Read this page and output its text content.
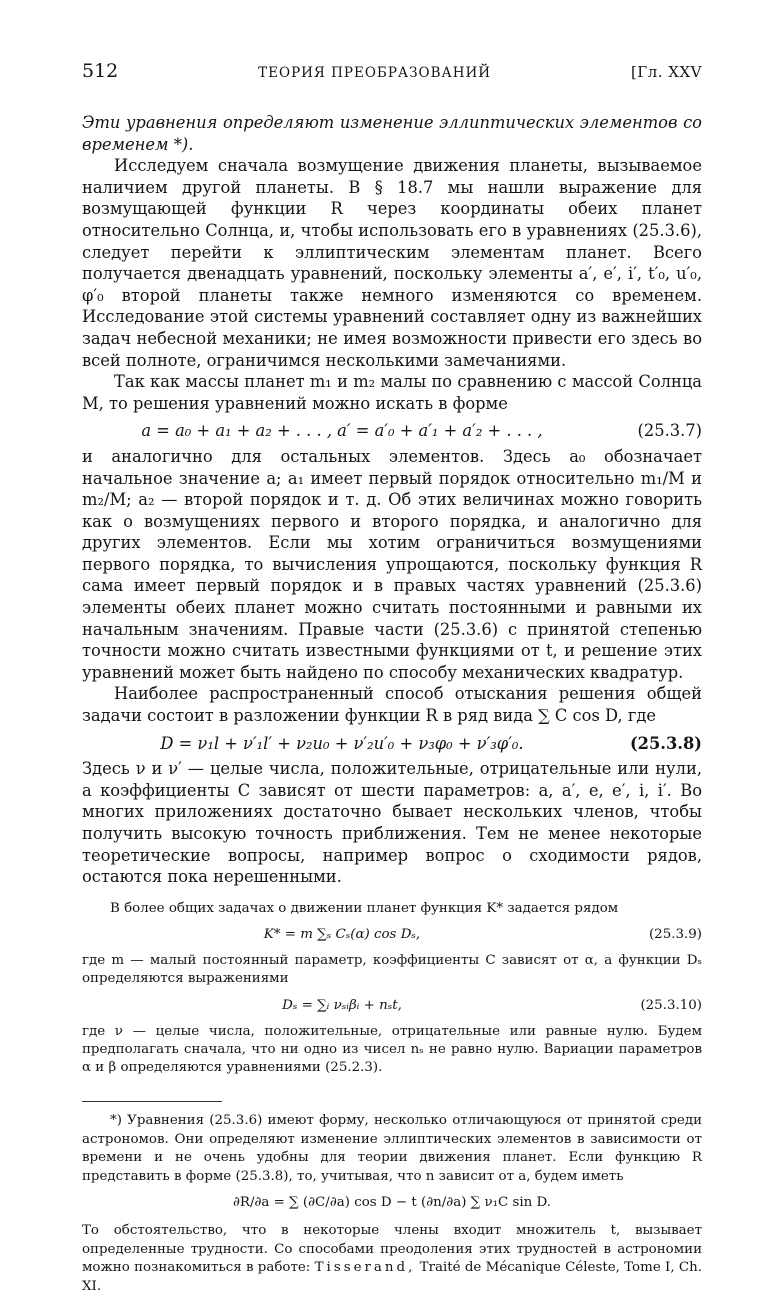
512	ТЕОРИЯ ПРЕОБРАЗОВАНИЙ	[Гл. XXV

Эти уравнения определяют изменение эллиптических элементов со временем *).

Исследуем сначала возмущение движения планеты, вызываемое наличием другой планеты. В § 18.7 мы нашли выражение для возмущающей функции R через координаты обеих планет относительно Солнца, и, чтобы использовать его в уравнениях (25.3.6), следует перейти к эллиптическим элементам планет. Всего получается двенадцать уравнений, поскольку элементы a′, e′, i′, t′₀, u′₀, φ′₀ второй планеты также немного изменяются со временем. Исследование этой системы уравнений составляет одну из важнейших задач небесной механики; не имея возможности привести его здесь во всей полноте, ограничимся несколькими замечаниями.

Так как массы планет m₁ и m₂ малы по сравнению с массой Солнца M, то решения уравнений можно искать в форме

a = a₀ + a₁ + a₂ + . . . , a′ = a′₀ + a′₁ + a′₂ + . . . ,	(25.3.7)

и аналогично для остальных элементов. Здесь a₀ обозначает начальное значение a; a₁ имеет первый порядок относительно m₁/M и m₂/M; a₂ — второй порядок и т. д. Об этих величинах можно говорить как о возмущениях первого и второго порядка, и аналогично для других элементов. Если мы хотим ограничиться возмущениями первого порядка, то вычисления упрощаются, поскольку функция R сама имеет первый порядок и в правых частях уравнений (25.3.6) элементы обеих планет можно считать постоянными и равными их начальным значениям. Правые части (25.3.6) с принятой степенью точности можно считать известными функциями от t, и решение этих уравнений может быть найдено по способу механических квадратур.

Наиболее распространенный способ отыскания решения общей задачи состоит в разложении функции R в ряд вида ∑ C cos D, где

D = ν₁l + ν′₁l′ + ν₂u₀ + ν′₂u′₀ + ν₃φ₀ + ν′₃φ′₀.	(25.3.8)

Здесь ν и ν′ — целые числа, положительные, отрицательные или нули, а коэффициенты C зависят от шести параметров: a, a′, e, e′, i, i′. Во многих приложениях достаточно бывает нескольких членов, чтобы получить высокую точность приближения. Тем не менее некоторые теоретические вопросы, например вопрос о сходимости рядов, остаются пока нерешенными.

В более общих задачах о движении планет функция K* задается рядом

K* = m ∑ₛ Cₛ(α) cos Dₛ,	(25.3.9)

где m — малый постоянный параметр, коэффициенты C зависят от α, а функции Dₛ определяются выражениями

Dₛ = ∑ᵢ νₛᵢβᵢ + nₛt,	(25.3.10)

где ν — целые числа, положительные, отрицательные или равные нулю. Будем предполагать сначала, что ни одно из чисел nₛ не равно нулю. Вариации параметров α и β определяются уравнениями (25.2.3).

*) Уравнения (25.3.6) имеют форму, несколько отличающуюся от принятой среди астрономов. Они определяют изменение эллиптических элементов в зависимости от времени и не очень удобны для теории движения планет. Если функцию R представить в форме (25.3.8), то, учитывая, что n зависит от a, будем иметь

∂R/∂a = ∑ (∂C/∂a) cos D − t (∂n/∂a) ∑ ν₁C sin D.

То обстоятельство, что в некоторые члены входит множитель t, вызывает определенные трудности. Со способами преодоления этих трудностей в астрономии можно познакомиться в работе: Tisserand, Traité de Mécanique Céleste, Tome I, Ch. XI.
